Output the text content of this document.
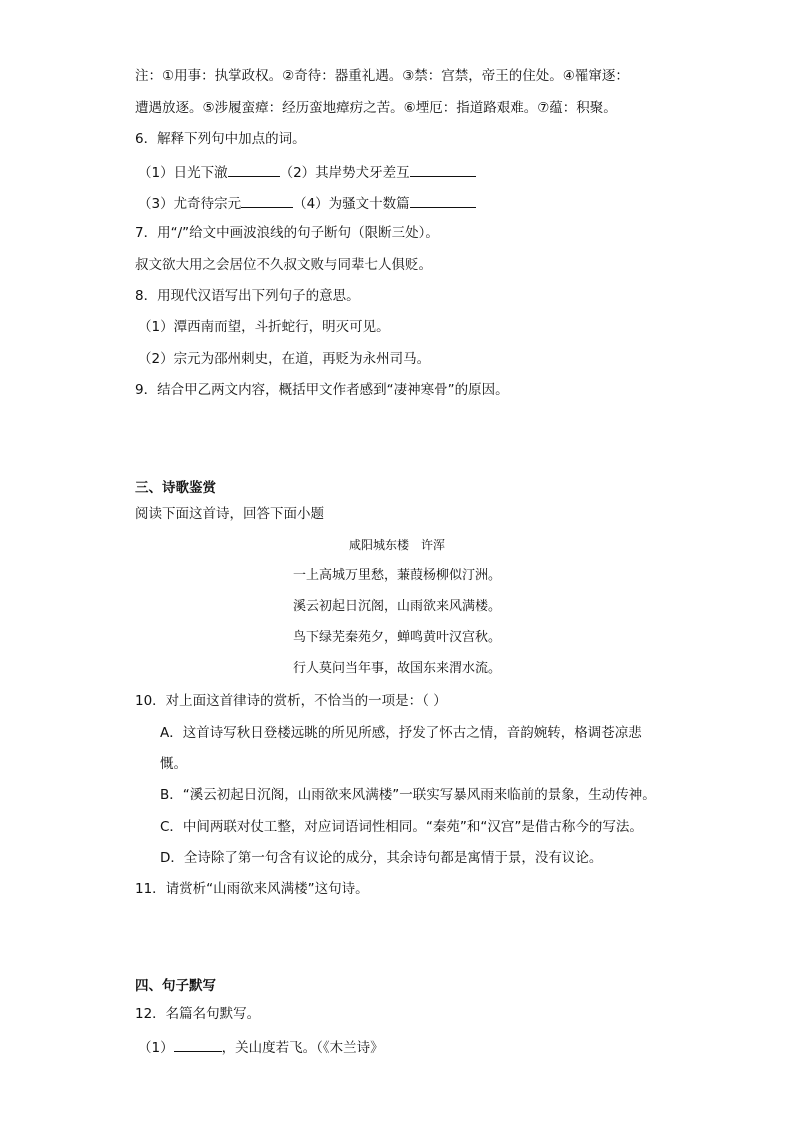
注：①用事：执掌政权。②奇待：器重礼遇。③禁：宫禁，帝王的住处。④罹窜逐：
遭遇放逐。⑤涉履蛮瘴：经历蛮地瘴疠之苦。⑥堙厄：指道路艰难。⑦蕴：积聚。
6．解释下列句中加点的词。
（1）日光下澈	（2）其岸势犬牙差互
（3）尤奇待宗元	（4）为骚文十数篇
7．用“/”给文中画波浪线的句子断句（限断三处）。
叔文欲大用之会居位不久叔文败与同辈七人俱贬。
8．用现代汉语写出下列句子的意思。
（1）潭西南而望，斗折蛇行，明灭可见。
（2）宗元为邵州刺史，在道，再贬为永州司马。
9．结合甲乙两文内容，概括甲文作者感到“凄神寒骨”的原因。
三、诗歌鉴赏
阅读下面这首诗，回答下面小题
咸阳城东楼　许浑
一上高城万里愁，蒹葭杨柳似汀洲。
溪云初起日沉阁，山雨欲来风满楼。
鸟下绿芜秦苑夕，蝉鸣黄叶汉宫秋。
行人莫问当年事，故国东来渭水流。
10．对上面这首律诗的赏析，不恰当的一项是：（ ）
A．这首诗写秋日登楼远眺的所见所感，抒发了怀古之情，音韵婉转，格调苍凉悲
慨。
B．“溪云初起日沉阁，山雨欲来风满楼”一联实写暴风雨来临前的景象，生动传神。
C．中间两联对仗工整，对应词语词性相同。“秦苑”和“汉宫”是借古称今的写法。
D．全诗除了第一句含有议论的成分，其余诗句都是寓情于景，没有议论。
11．请赏析“山雨欲来风满楼”这句诗。
四、句子默写
12．名篇名句默写。
（1）	，关山度若飞。（《木兰诗》
